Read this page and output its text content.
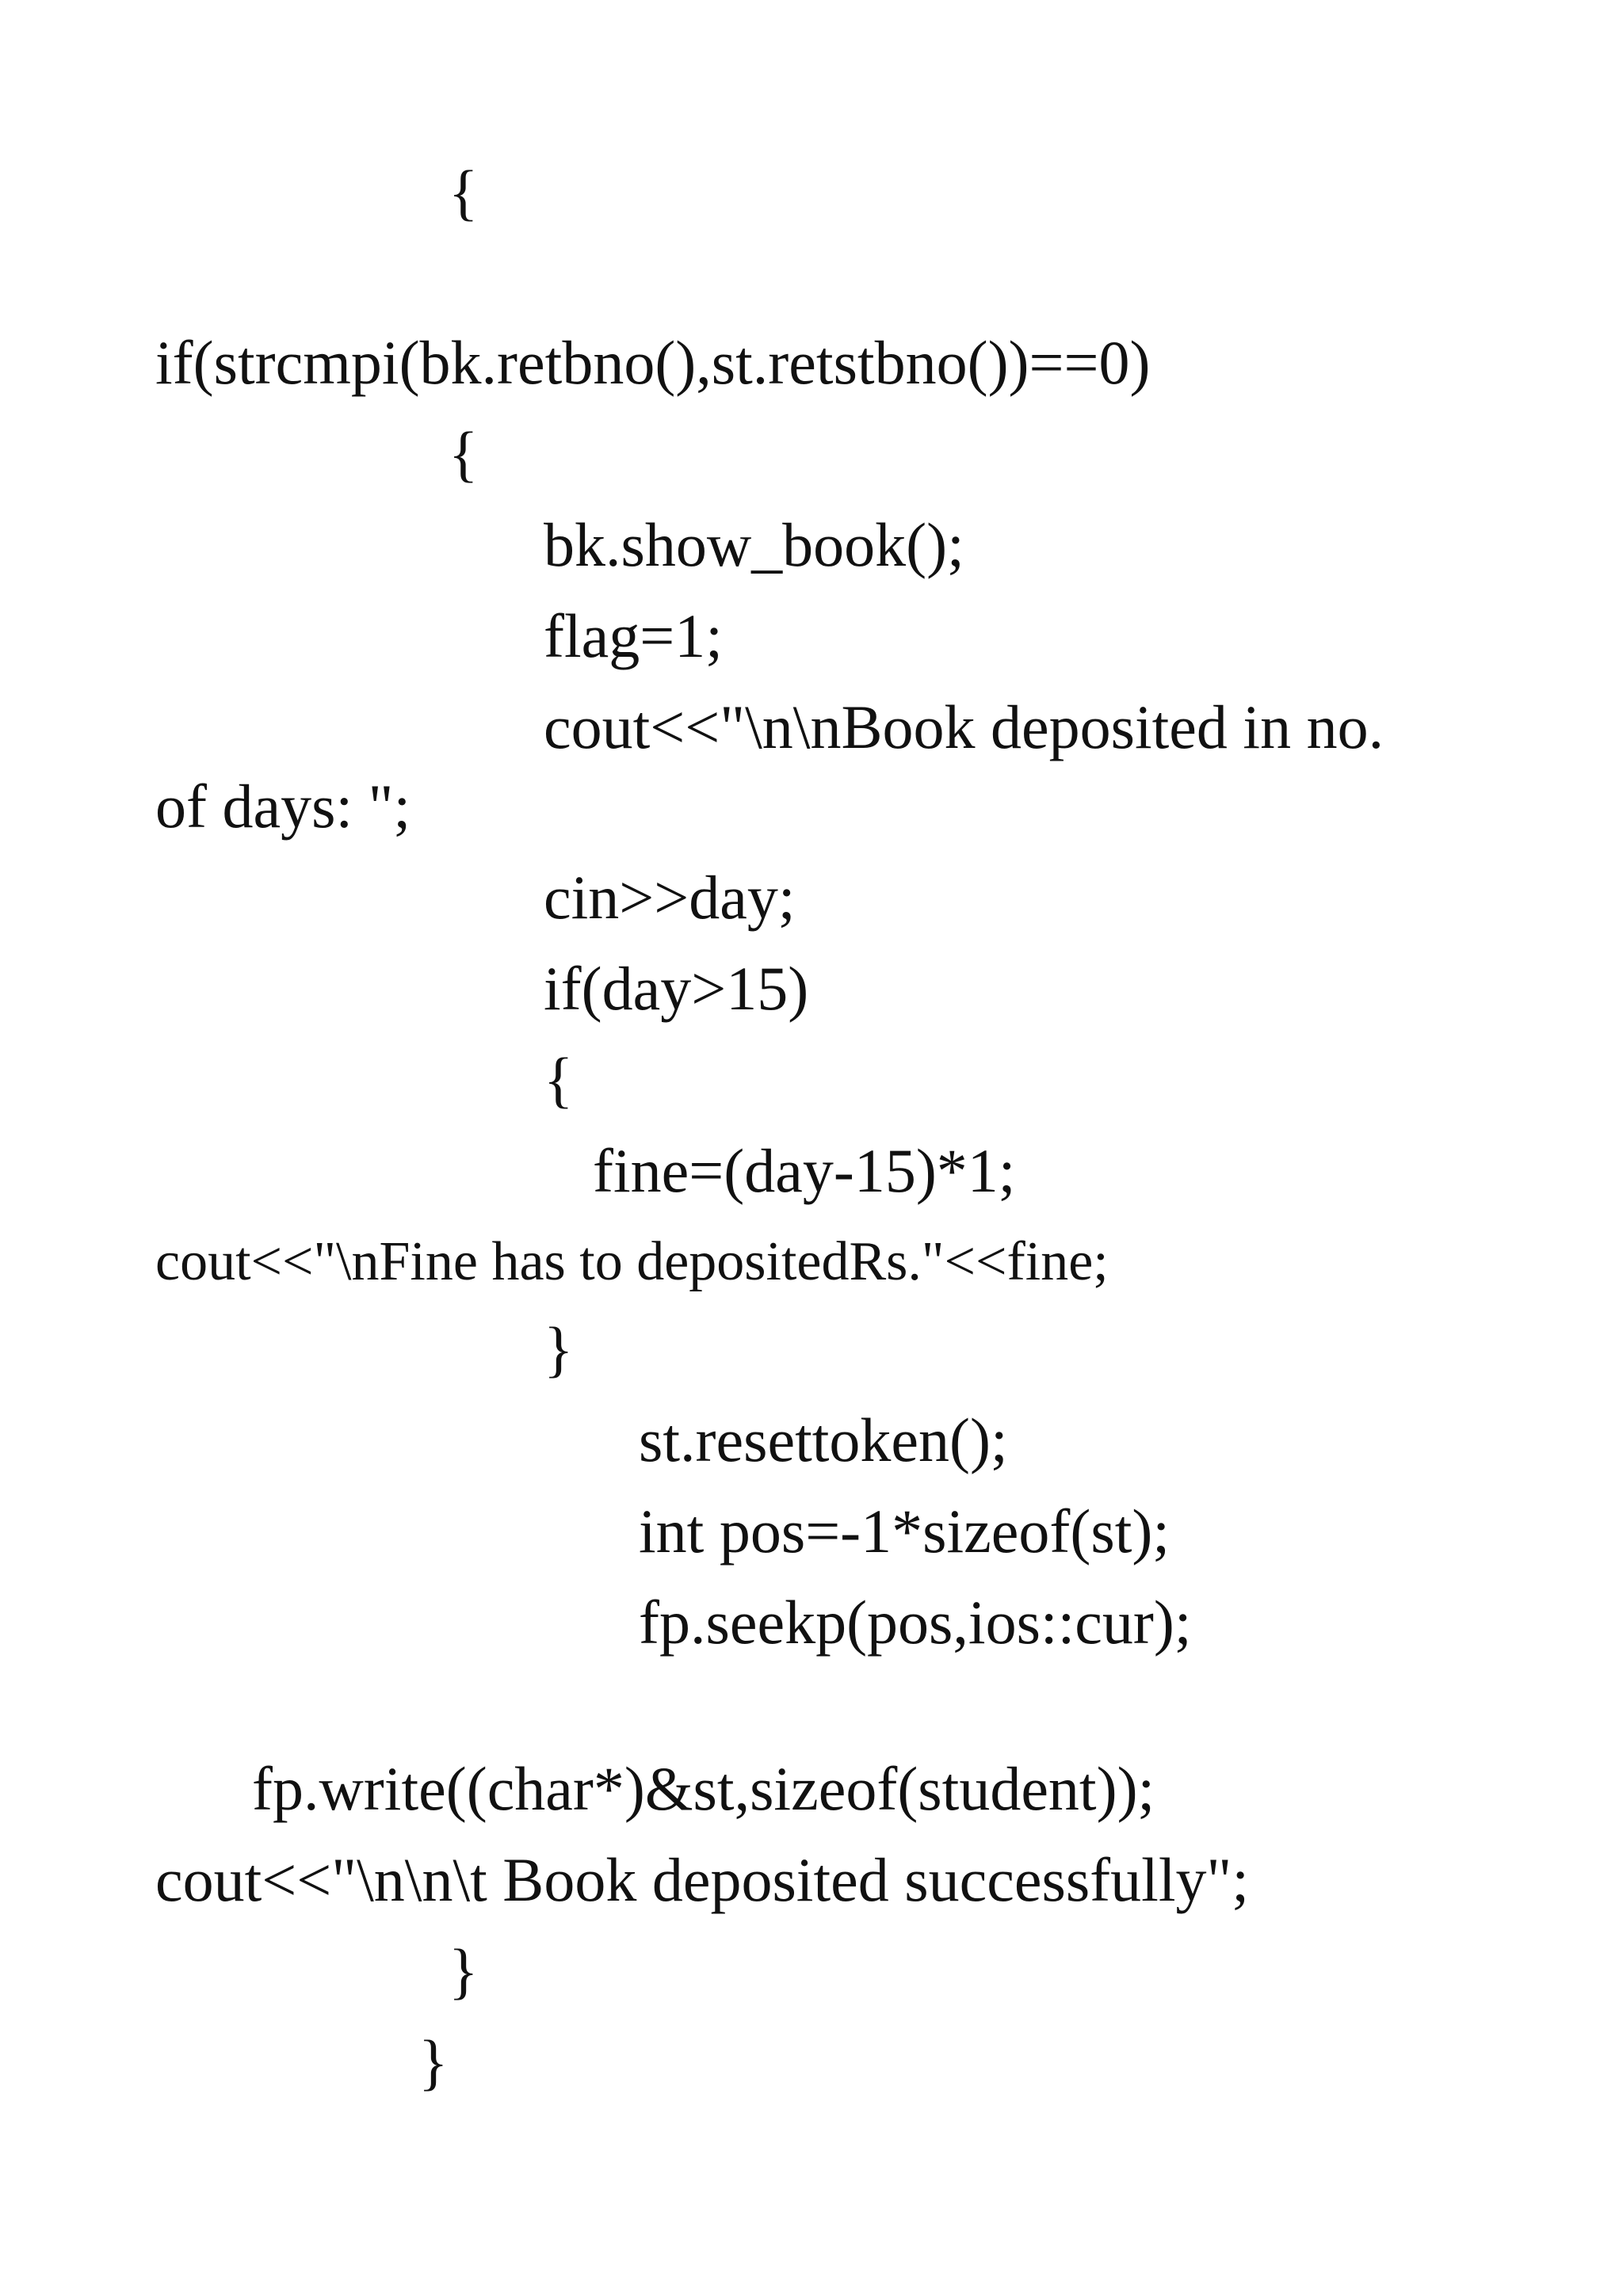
{
if(strcmpi(bk.retbno(),st.retstbno())==0)
{
bk.show_book();
flag=1;
cout<<"\n\nBook deposited in no.
of days: ";
cin>>day;
if(day>15)
{
fine=(day-15)*1;
cout<<"\nFine has to depositedRs."<<fine;
}
st.resettoken();
int pos=-1*sizeof(st);
fp.seekp(pos,ios::cur);
fp.write((char*)&st,sizeof(student));
cout<<"\n\n\t Book deposited successfully";
}
}
